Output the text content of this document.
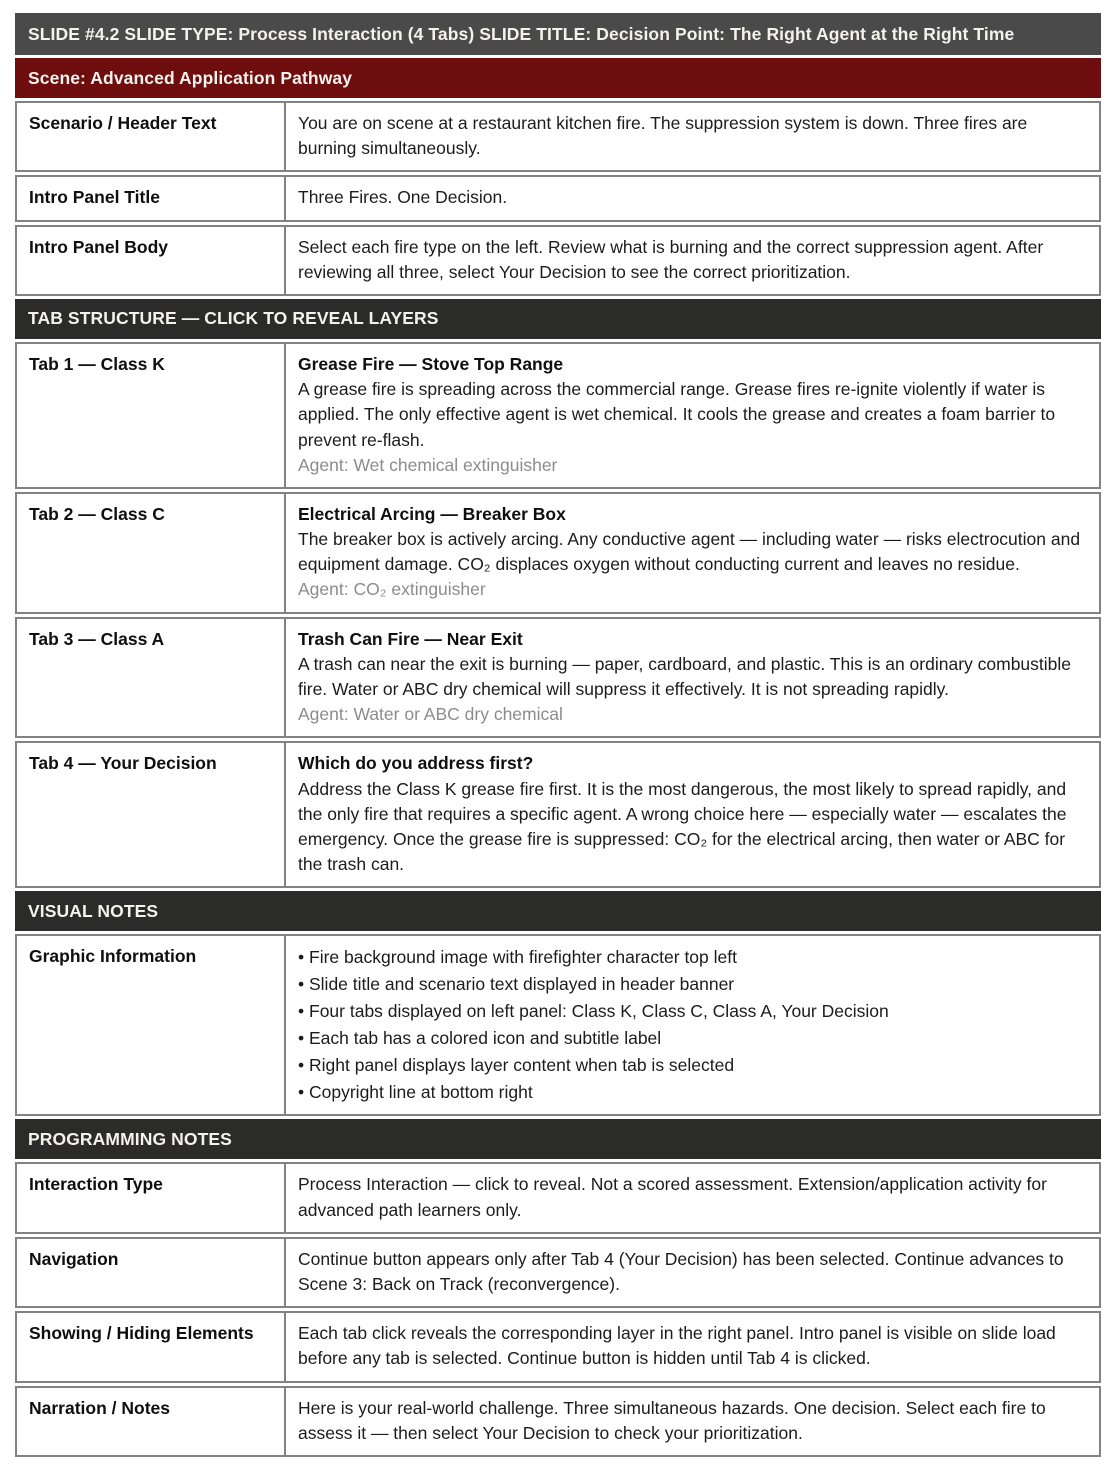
SLIDE #4.2 SLIDE TYPE: Process Interaction (4 Tabs) SLIDE TITLE: Decision Point: The Right Agent at the Right Time
Scene: Advanced Application Pathway
Scenario / Header Text	You are on scene at a restaurant kitchen fire. The suppression system is down. Three fires are burning simultaneously.
Intro Panel Title	Three Fires. One Decision.
Intro Panel Body	Select each fire type on the left. Review what is burning and the correct suppression agent. After reviewing all three, select Your Decision to see the correct prioritization.
TAB STRUCTURE — CLICK TO REVEAL LAYERS
Tab 1 — Class K	Grease Fire — Stove Top Range
A grease fire is spreading across the commercial range. Grease fires re-ignite violently if water is applied. The only effective agent is wet chemical. It cools the grease and creates a foam barrier to prevent re-flash.
Agent: Wet chemical extinguisher
Tab 2 — Class C	Electrical Arcing — Breaker Box
The breaker box is actively arcing. Any conductive agent — including water — risks electrocution and equipment damage. CO₂ displaces oxygen without conducting current and leaves no residue.
Agent: CO₂ extinguisher
Tab 3 — Class A	Trash Can Fire — Near Exit
A trash can near the exit is burning — paper, cardboard, and plastic. This is an ordinary combustible fire. Water or ABC dry chemical will suppress it effectively. It is not spreading rapidly.
Agent: Water or ABC dry chemical
Tab 4 — Your Decision	Which do you address first?
Address the Class K grease fire first. It is the most dangerous, the most likely to spread rapidly, and the only fire that requires a specific agent. A wrong choice here — especially water — escalates the emergency. Once the grease fire is suppressed: CO₂ for the electrical arcing, then water or ABC for the trash can.
VISUAL NOTES
Graphic Information	• Fire background image with firefighter character top left
• Slide title and scenario text displayed in header banner
• Four tabs displayed on left panel: Class K, Class C, Class A, Your Decision
• Each tab has a colored icon and subtitle label
• Right panel displays layer content when tab is selected
• Copyright line at bottom right
PROGRAMMING NOTES
Interaction Type	Process Interaction — click to reveal. Not a scored assessment. Extension/application activity for advanced path learners only.
Navigation	Continue button appears only after Tab 4 (Your Decision) has been selected. Continue advances to Scene 3: Back on Track (reconvergence).
Showing / Hiding Elements	Each tab click reveals the corresponding layer in the right panel. Intro panel is visible on slide load before any tab is selected. Continue button is hidden until Tab 4 is clicked.
Narration / Notes	Here is your real-world challenge. Three simultaneous hazards. One decision. Select each fire to assess it — then select Your Decision to check your prioritization.
